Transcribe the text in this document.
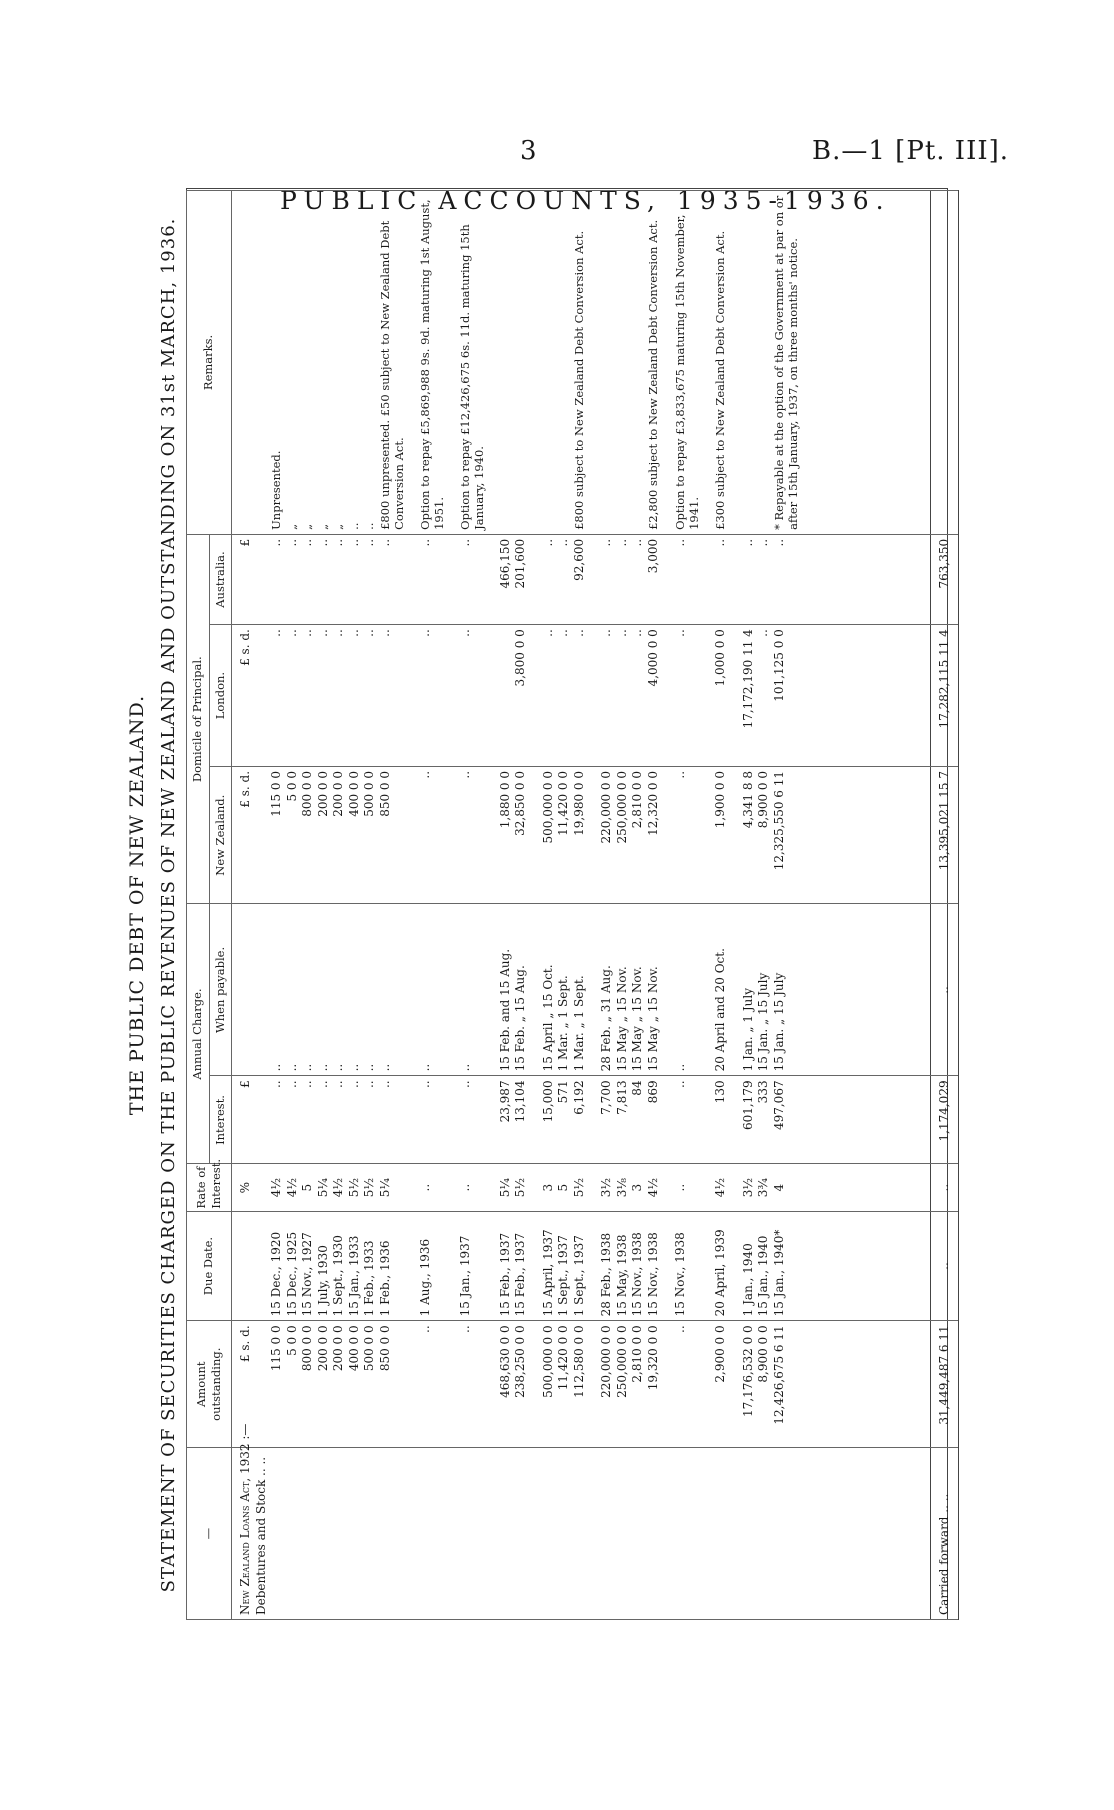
3	B.—1 [Pt. III].
PUBLIC ACCOUNTS, 1935-1936.
THE PUBLIC DEBT OF NEW ZEALAND. STATEMENT OF SECURITIES CHARGED ON THE PUBLIC REVENUES OF NEW ZEALAND AND OUTSTANDING ON 31st MARCH, 1936. —	Amount outstanding.	Due Date.	Rate of Interest.	Annual Charge.		Domicile of Principal.			Remarks.
				Interest.	When payable.	New Zealand.	London.	Australia.	
New Zealand Loans Act, 1932 :—	£ s. d.		%	£		£ s. d.	£ s. d.	£	
Debentures and Stock .. ..									
	115 0 0	15 Dec., 1920	4½	..	..	115 0 0	..	..	Unpresented.
	5 0 0	15 Dec., 1925	4½	..	..	5 0 0	..	..	„
	800 0 0	15 Nov., 1927	5	..	..	800 0 0	..	..	„
	200 0 0	1 July, 1930	5¼	..	..	200 0 0	..	..	„
	200 0 0	1 Sept., 1930	4½	..	..	200 0 0	..	..	„
	400 0 0	15 Jan., 1933	5½	..	..	400 0 0	..	..	..
	500 0 0	1 Feb., 1933	5½	..	..	500 0 0	..	..	..
	850 0 0	1 Feb., 1936	5¼	..	..	850 0 0	..	..	£800 unpresented. £50 subject to New Zealand Debt Conversion Act.

	..	1 Aug., 1936	..	..	..	..	..	..	Option to repay £5,869,988 9s. 9d. maturing 1st August, 1951.

	..	15 Jan., 1937	..	..	..	..	..	..	Option to repay £12,426,675 6s. 11d. maturing 15th January, 1940.

	468,630 0 0	15 Feb., 1937	5¼	23,987	15 Feb. and 15 Aug.	1,880 0 0		466,150	
	238,250 0 0	15 Feb., 1937	5½	13,104	15 Feb. „ 15 Aug.	32,850 0 0	3,800 0 0	201,600	

	500,000 0 0	15 April, 1937	3	15,000	15 April „ 15 Oct.	500,000 0 0	..	..	
	11,420 0 0	1 Sept., 1937	5	571	1 Mar. „ 1 Sept.	11,420 0 0	..	..	
	112,580 0 0	1 Sept., 1937	5½	6,192	1 Mar. „ 1 Sept.	19,980 0 0	..	92,600	£800 subject to New Zealand Debt Conversion Act.

	220,000 0 0	28 Feb., 1938	3½	7,700	28 Feb. „ 31 Aug.	220,000 0 0	..	..	
	250,000 0 0	15 May, 1938	3⅛	7,813	15 May „ 15 Nov.	250,000 0 0	..	..	
	2,810 0 0	15 Nov., 1938	3	84	15 May „ 15 Nov.	2,810 0 0	..	..	
	19,320 0 0	15 Nov., 1938	4½	869	15 May „ 15 Nov.	12,320 0 0	4,000 0 0	3,000	£2,800 subject to New Zealand Debt Conversion Act.

	..	15 Nov., 1938	..	..	..	..	..	..	Option to repay £3,833,675 maturing 15th November, 1941.

	2,900 0 0	20 April, 1939	4½	130	20 April and 20 Oct.	1,900 0 0	1,000 0 0	..	£300 subject to New Zealand Debt Conversion Act.

	17,176,532 0 0	1 Jan., 1940	3½	601,179	1 Jan. „ 1 July	4,341 8 8	17,172,190 11 4	..	
	8,900 0 0	15 Jan., 1940	3¾	333	15 Jan. „ 15 July	8,900 0 0	..	..	
	12,426,675 6 11	15 Jan., 1940*	4	497,067	15 Jan. „ 15 July	12,325,550 6 11	101,125 0 0	..	* Repayable at the option of the Government at par on or after 15th January, 1937, on three months' notice.

Carried forward .. ..	31,449,487 6 11	..	..	1,174,029	..	13,395,021 15 7	17,282,115 11 4	763,350	
